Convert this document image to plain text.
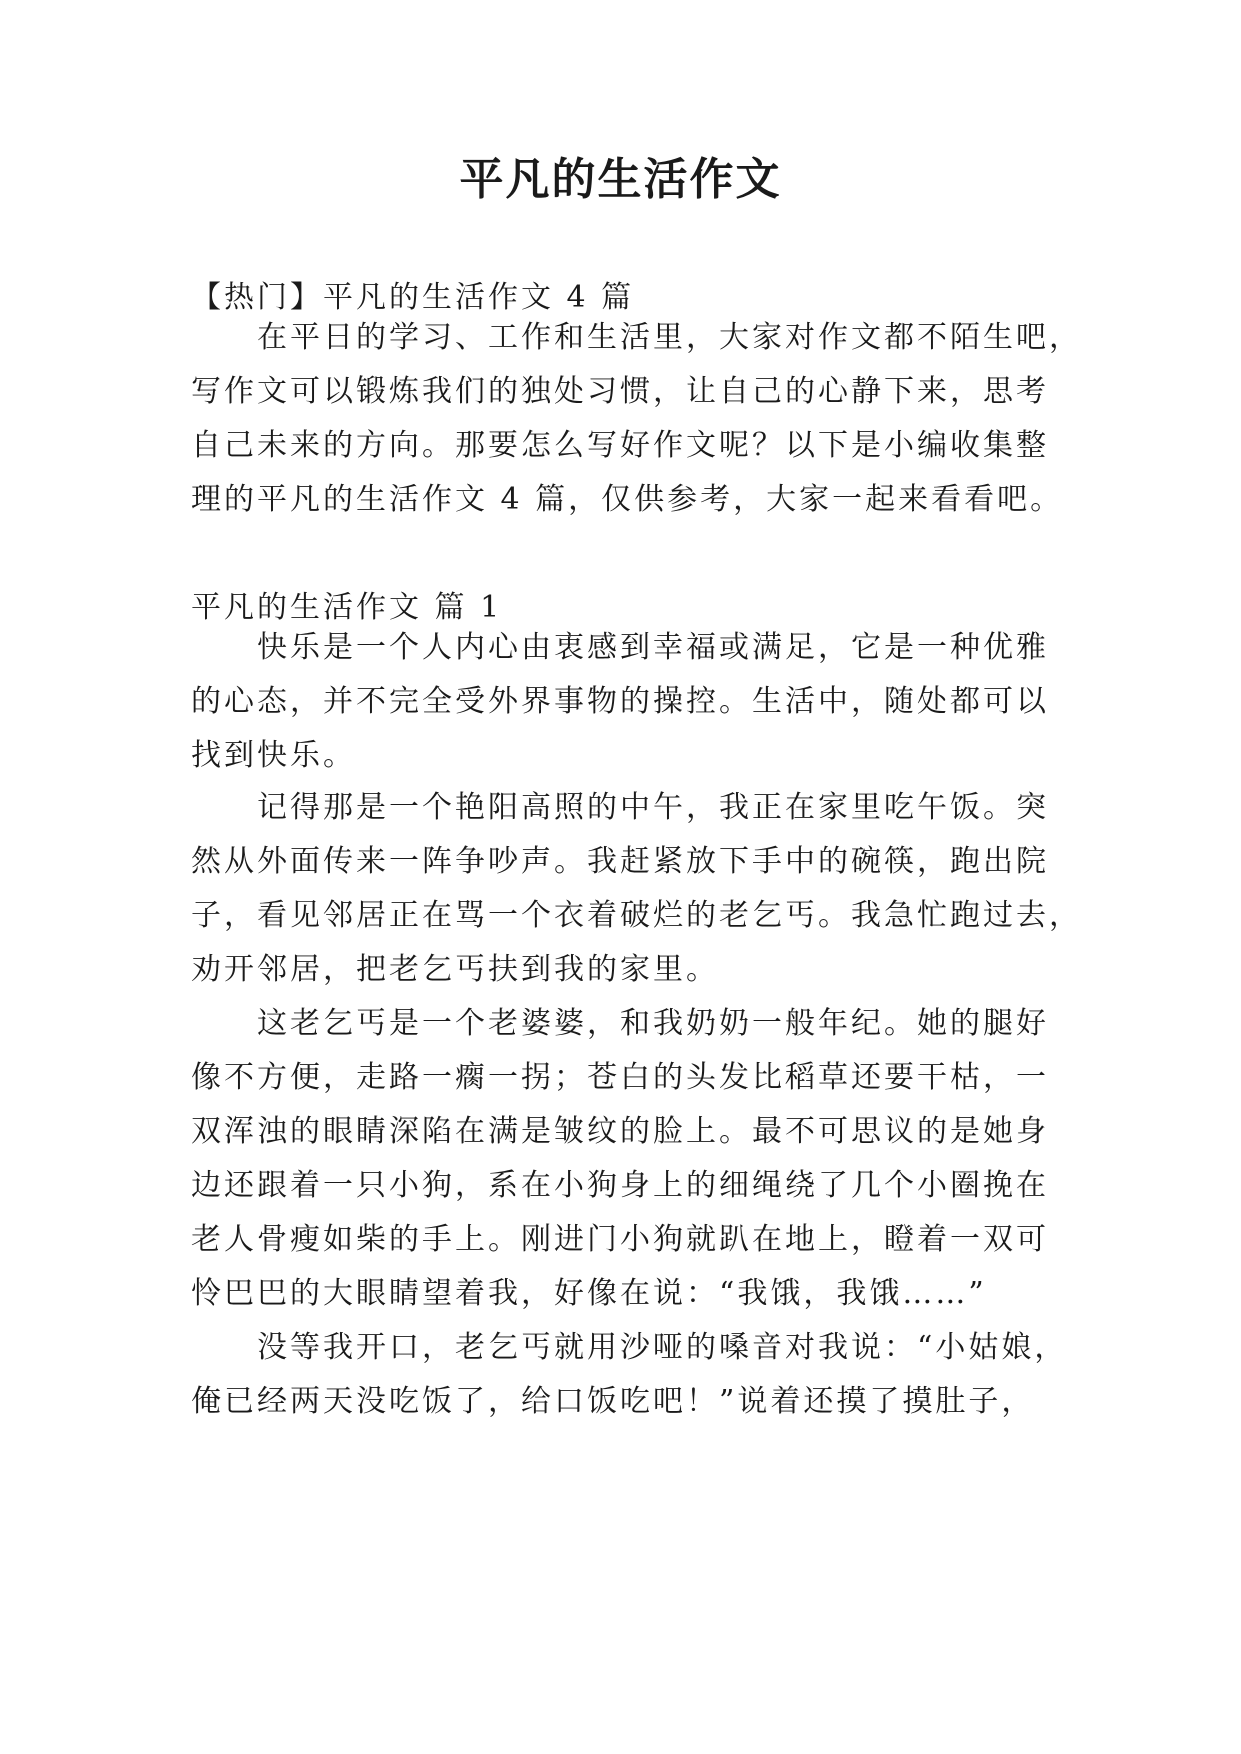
平凡的生活作文
【热门】平凡的生活作文 4 篇
在平日的学习、工作和生活里，大家对作文都不陌生吧，
写作文可以锻炼我们的独处习惯，让自己的心静下来，思考
自己未来的方向。那要怎么写好作文呢？以下是小编收集整
理的平凡的生活作文 4 篇，仅供参考，大家一起来看看吧。
平凡的生活作文 篇 1
快乐是一个人内心由衷感到幸福或满足，它是一种优雅
的心态，并不完全受外界事物的操控。生活中，随处都可以
找到快乐。
记得那是一个艳阳高照的中午，我正在家里吃午饭。突
然从外面传来一阵争吵声。我赶紧放下手中的碗筷，跑出院
子，看见邻居正在骂一个衣着破烂的老乞丐。我急忙跑过去，
劝开邻居，把老乞丐扶到我的家里。
这老乞丐是一个老婆婆，和我奶奶一般年纪。她的腿好
像不方便，走路一瘸一拐；苍白的头发比稻草还要干枯，一
双浑浊的眼睛深陷在满是皱纹的脸上。最不可思议的是她身
边还跟着一只小狗，系在小狗身上的细绳绕了几个小圈挽在
老人骨瘦如柴的手上。刚进门小狗就趴在地上，瞪着一双可
怜巴巴的大眼睛望着我，好像在说：“我饿，我饿……”
没等我开口，老乞丐就用沙哑的嗓音对我说：“小姑娘，
俺已经两天没吃饭了，给口饭吃吧！”说着还摸了摸肚子，
